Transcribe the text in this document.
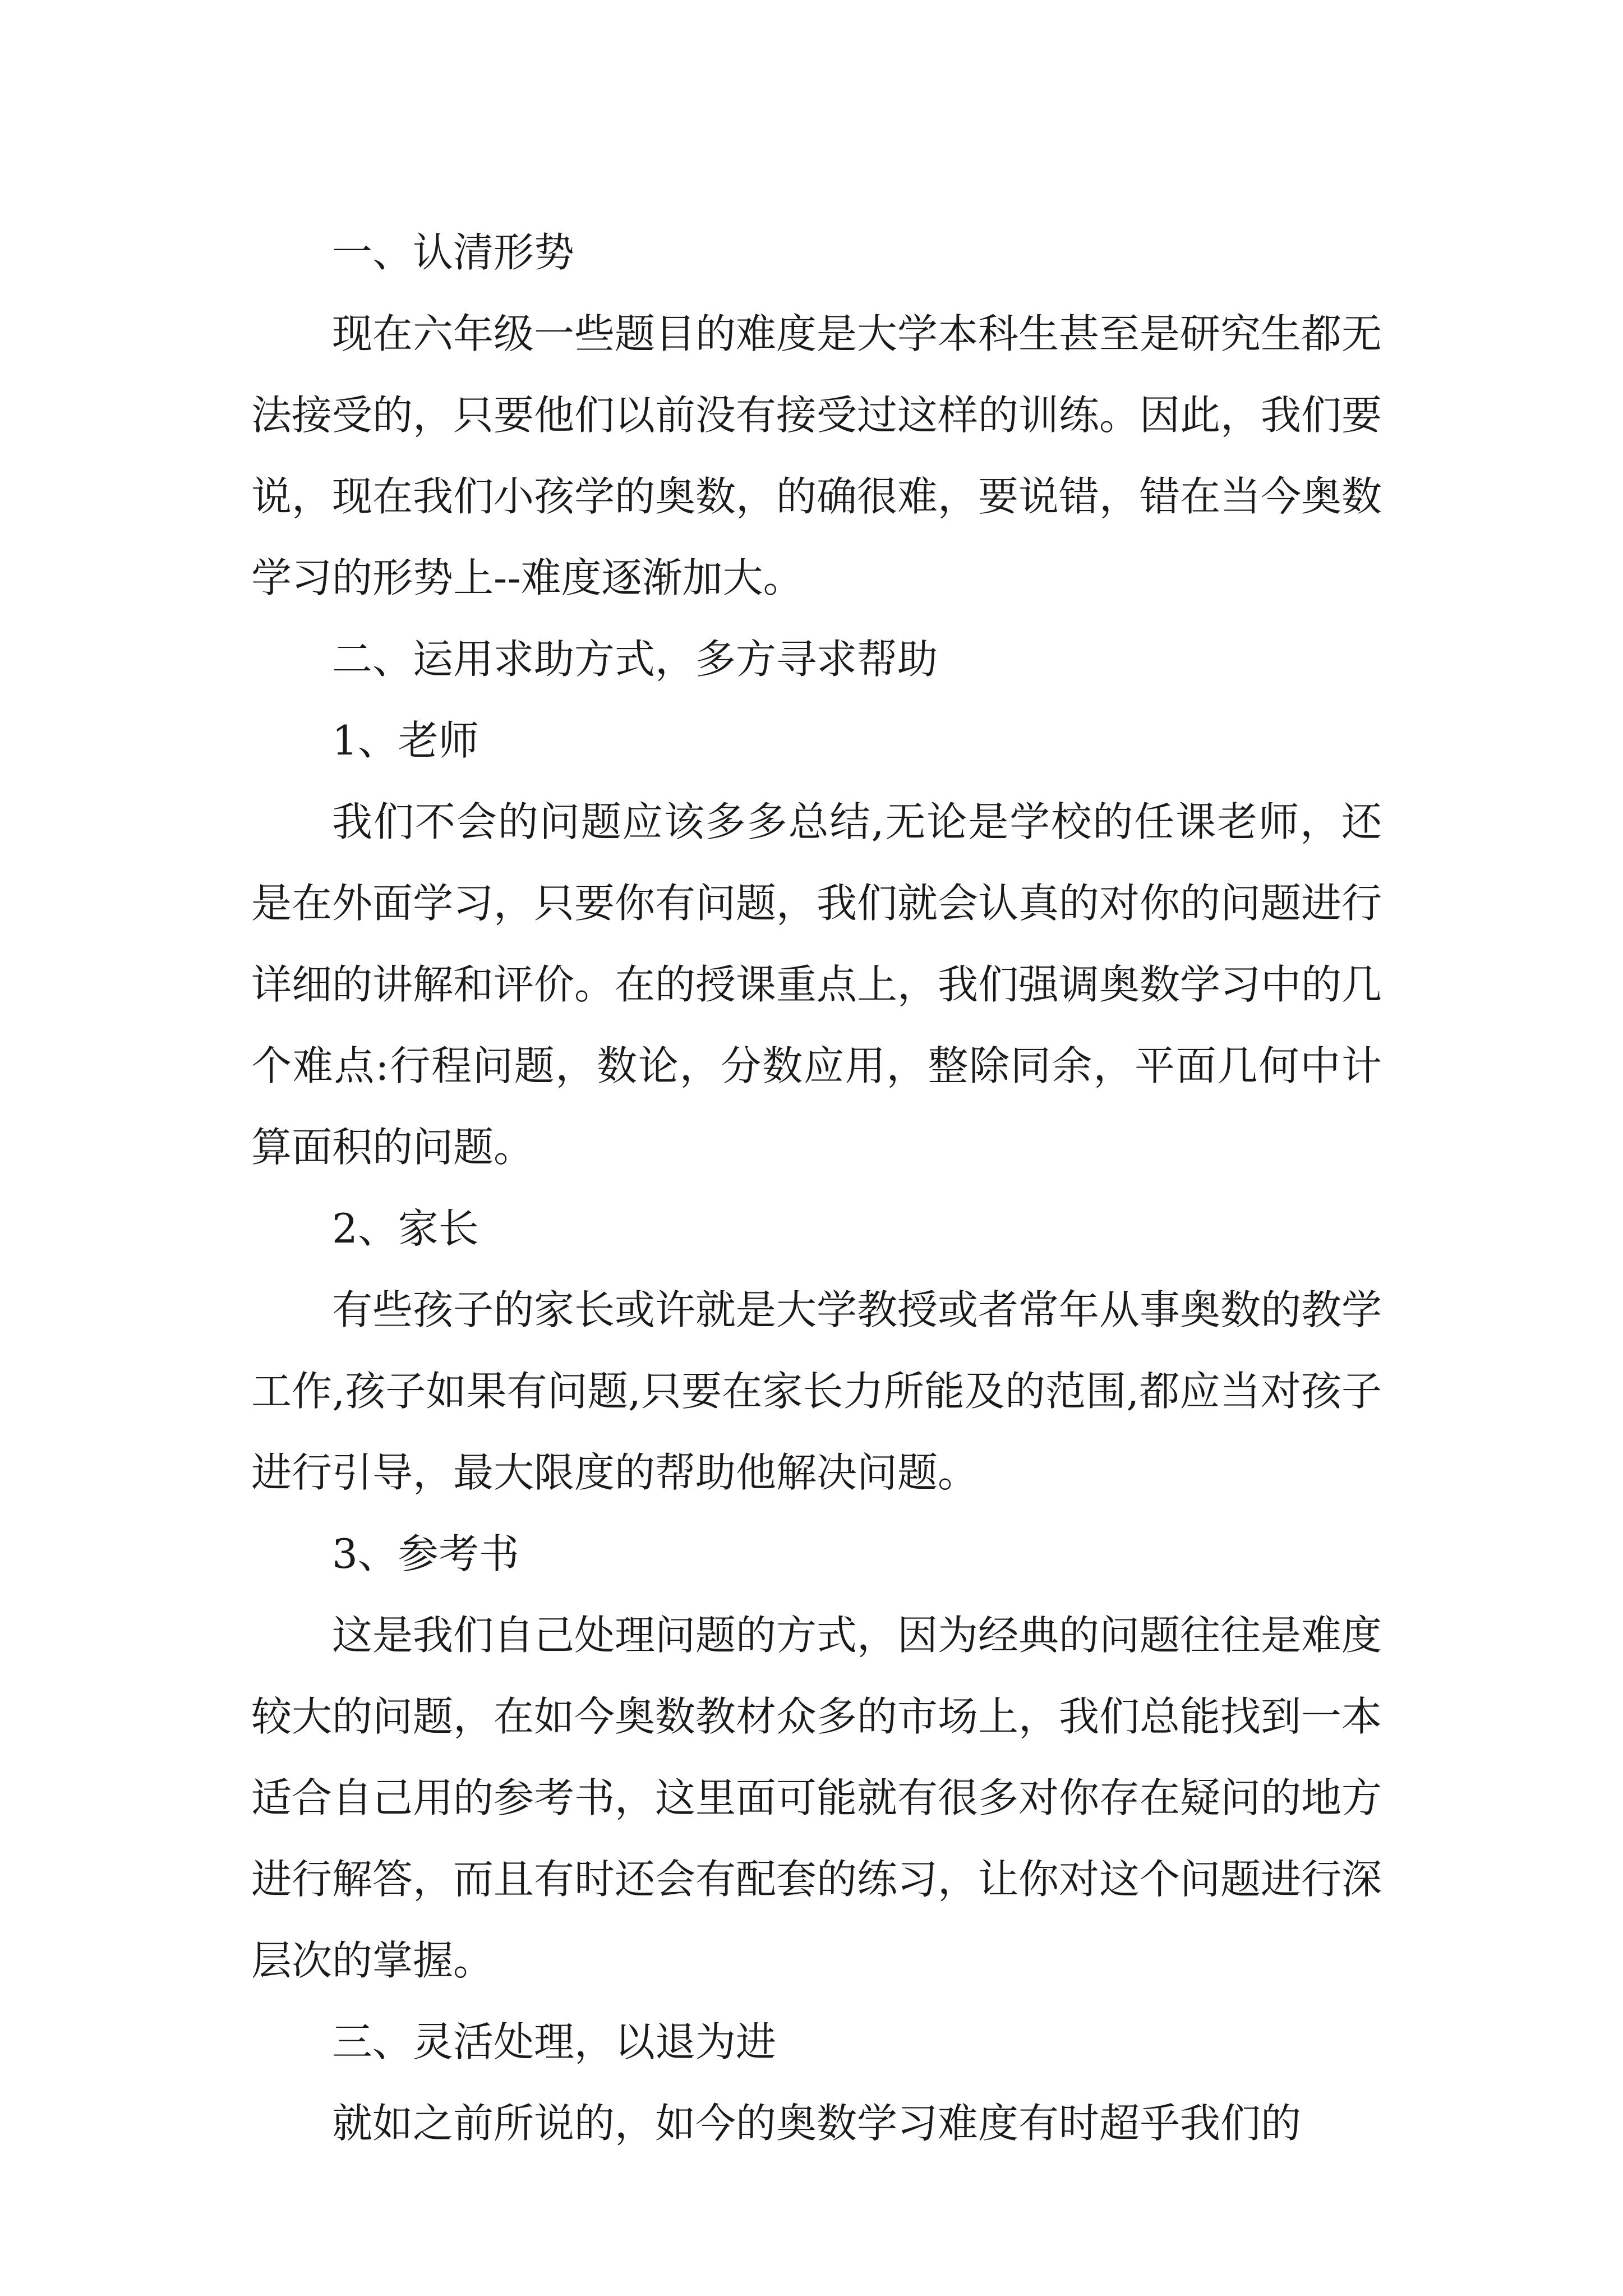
一、认清形势

现在六年级一些题目的难度是大学本科生甚至是研究生都无法接受的，只要他们以前没有接受过这样的训练。因此，我们要说，现在我们小孩学的奥数，的确很难，要说错，错在当今奥数学习的形势上--难度逐渐加大。

二、运用求助方式，多方寻求帮助

1、老师

我们不会的问题应该多多总结,无论是学校的任课老师，还是在外面学习，只要你有问题，我们就会认真的对你的问题进行详细的讲解和评价。在的授课重点上，我们强调奥数学习中的几个难点:行程问题，数论，分数应用，整除同余，平面几何中计算面积的问题。

2、家长

有些孩子的家长或许就是大学教授或者常年从事奥数的教学工作,孩子如果有问题,只要在家长力所能及的范围,都应当对孩子进行引导，最大限度的帮助他解决问题。

3、参考书

这是我们自己处理问题的方式，因为经典的问题往往是难度较大的问题，在如今奥数教材众多的市场上，我们总能找到一本适合自己用的参考书，这里面可能就有很多对你存在疑问的地方进行解答，而且有时还会有配套的练习，让你对这个问题进行深层次的掌握。

三、灵活处理，以退为进

就如之前所说的，如今的奥数学习难度有时超乎我们的
